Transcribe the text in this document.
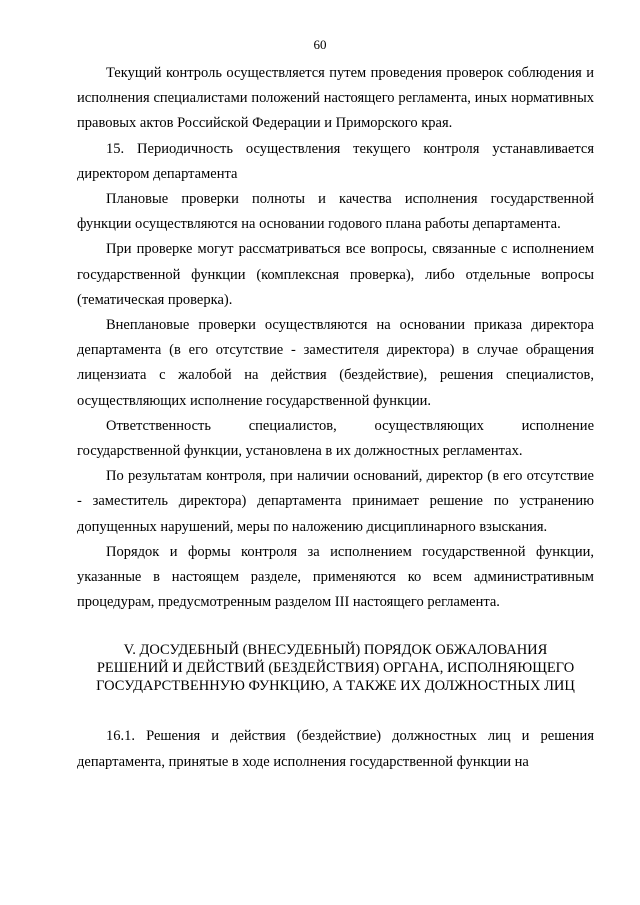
60

Текущий контроль осуществляется путем проведения проверок соблюдения и исполнения специалистами положений настоящего регламента, иных нормативных правовых актов Российской Федерации и Приморского края.

15. Периодичность осуществления текущего контроля устанавливается директором департамента

Плановые проверки полноты и качества исполнения государственной функции осуществляются на основании годового плана работы департамента.

При проверке могут рассматриваться все вопросы, связанные с исполнением государственной функции (комплексная проверка), либо отдельные вопросы (тематическая проверка).

Внеплановые проверки осуществляются на основании приказа директора департамента (в его отсутствие - заместителя директора) в случае обращения лицензиата с жалобой на действия (бездействие), решения специалистов, осуществляющих исполнение государственной функции.

Ответственность специалистов, осуществляющих исполнение государственной функции, установлена в их должностных регламентах.

По результатам контроля, при наличии оснований, директор (в его отсутствие - заместитель директора) департамента принимает решение по устранению допущенных нарушений, меры по наложению дисциплинарного взыскания.

Порядок и формы контроля за исполнением государственной функции, указанные в настоящем разделе, применяются ко всем административным процедурам, предусмотренным разделом III настоящего регламента.

V. ДОСУДЕБНЫЙ (ВНЕСУДЕБНЫЙ) ПОРЯДОК ОБЖАЛОВАНИЯ
РЕШЕНИЙ И ДЕЙСТВИЙ (БЕЗДЕЙСТВИЯ) ОРГАНА, ИСПОЛНЯЮЩЕГО
ГОСУДАРСТВЕННУЮ ФУНКЦИЮ, А ТАКЖЕ ИХ ДОЛЖНОСТНЫХ ЛИЦ

16.1. Решения и действия (бездействие) должностных лиц и решения департамента, принятые в ходе исполнения государственной функции на
